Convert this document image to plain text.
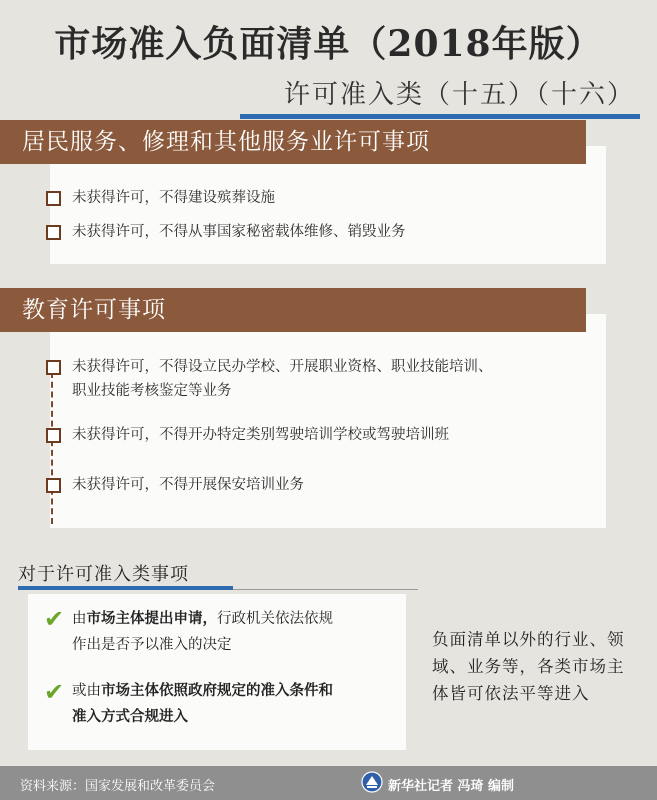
市场准入负面清单（2018年版）
许可准入类（十五）（十六）
居民服务、修理和其他服务业许可事项
未获得许可，不得建设殡葬设施
未获得许可，不得从事国家秘密载体维修、销毁业务
教育许可事项
未获得许可，不得设立民办学校、开展职业资格、职业技能培训、
职业技能考核鉴定等业务
未获得许可，不得开办特定类别驾驶培训学校或驾驶培训班
未获得许可，不得开展保安培训业务
对于许可准入类事项
✔ 由市场主体提出申请，行政机关依法依规
作出是否予以准入的决定
✔ 或由市场主体依照政府规定的准入条件和
准入方式合规进入
负面清单以外的行业、领域、业务等，各类市场主体皆可依法平等进入
资料来源：国家发展和改革委员会	新华社记者 冯琦 编制
